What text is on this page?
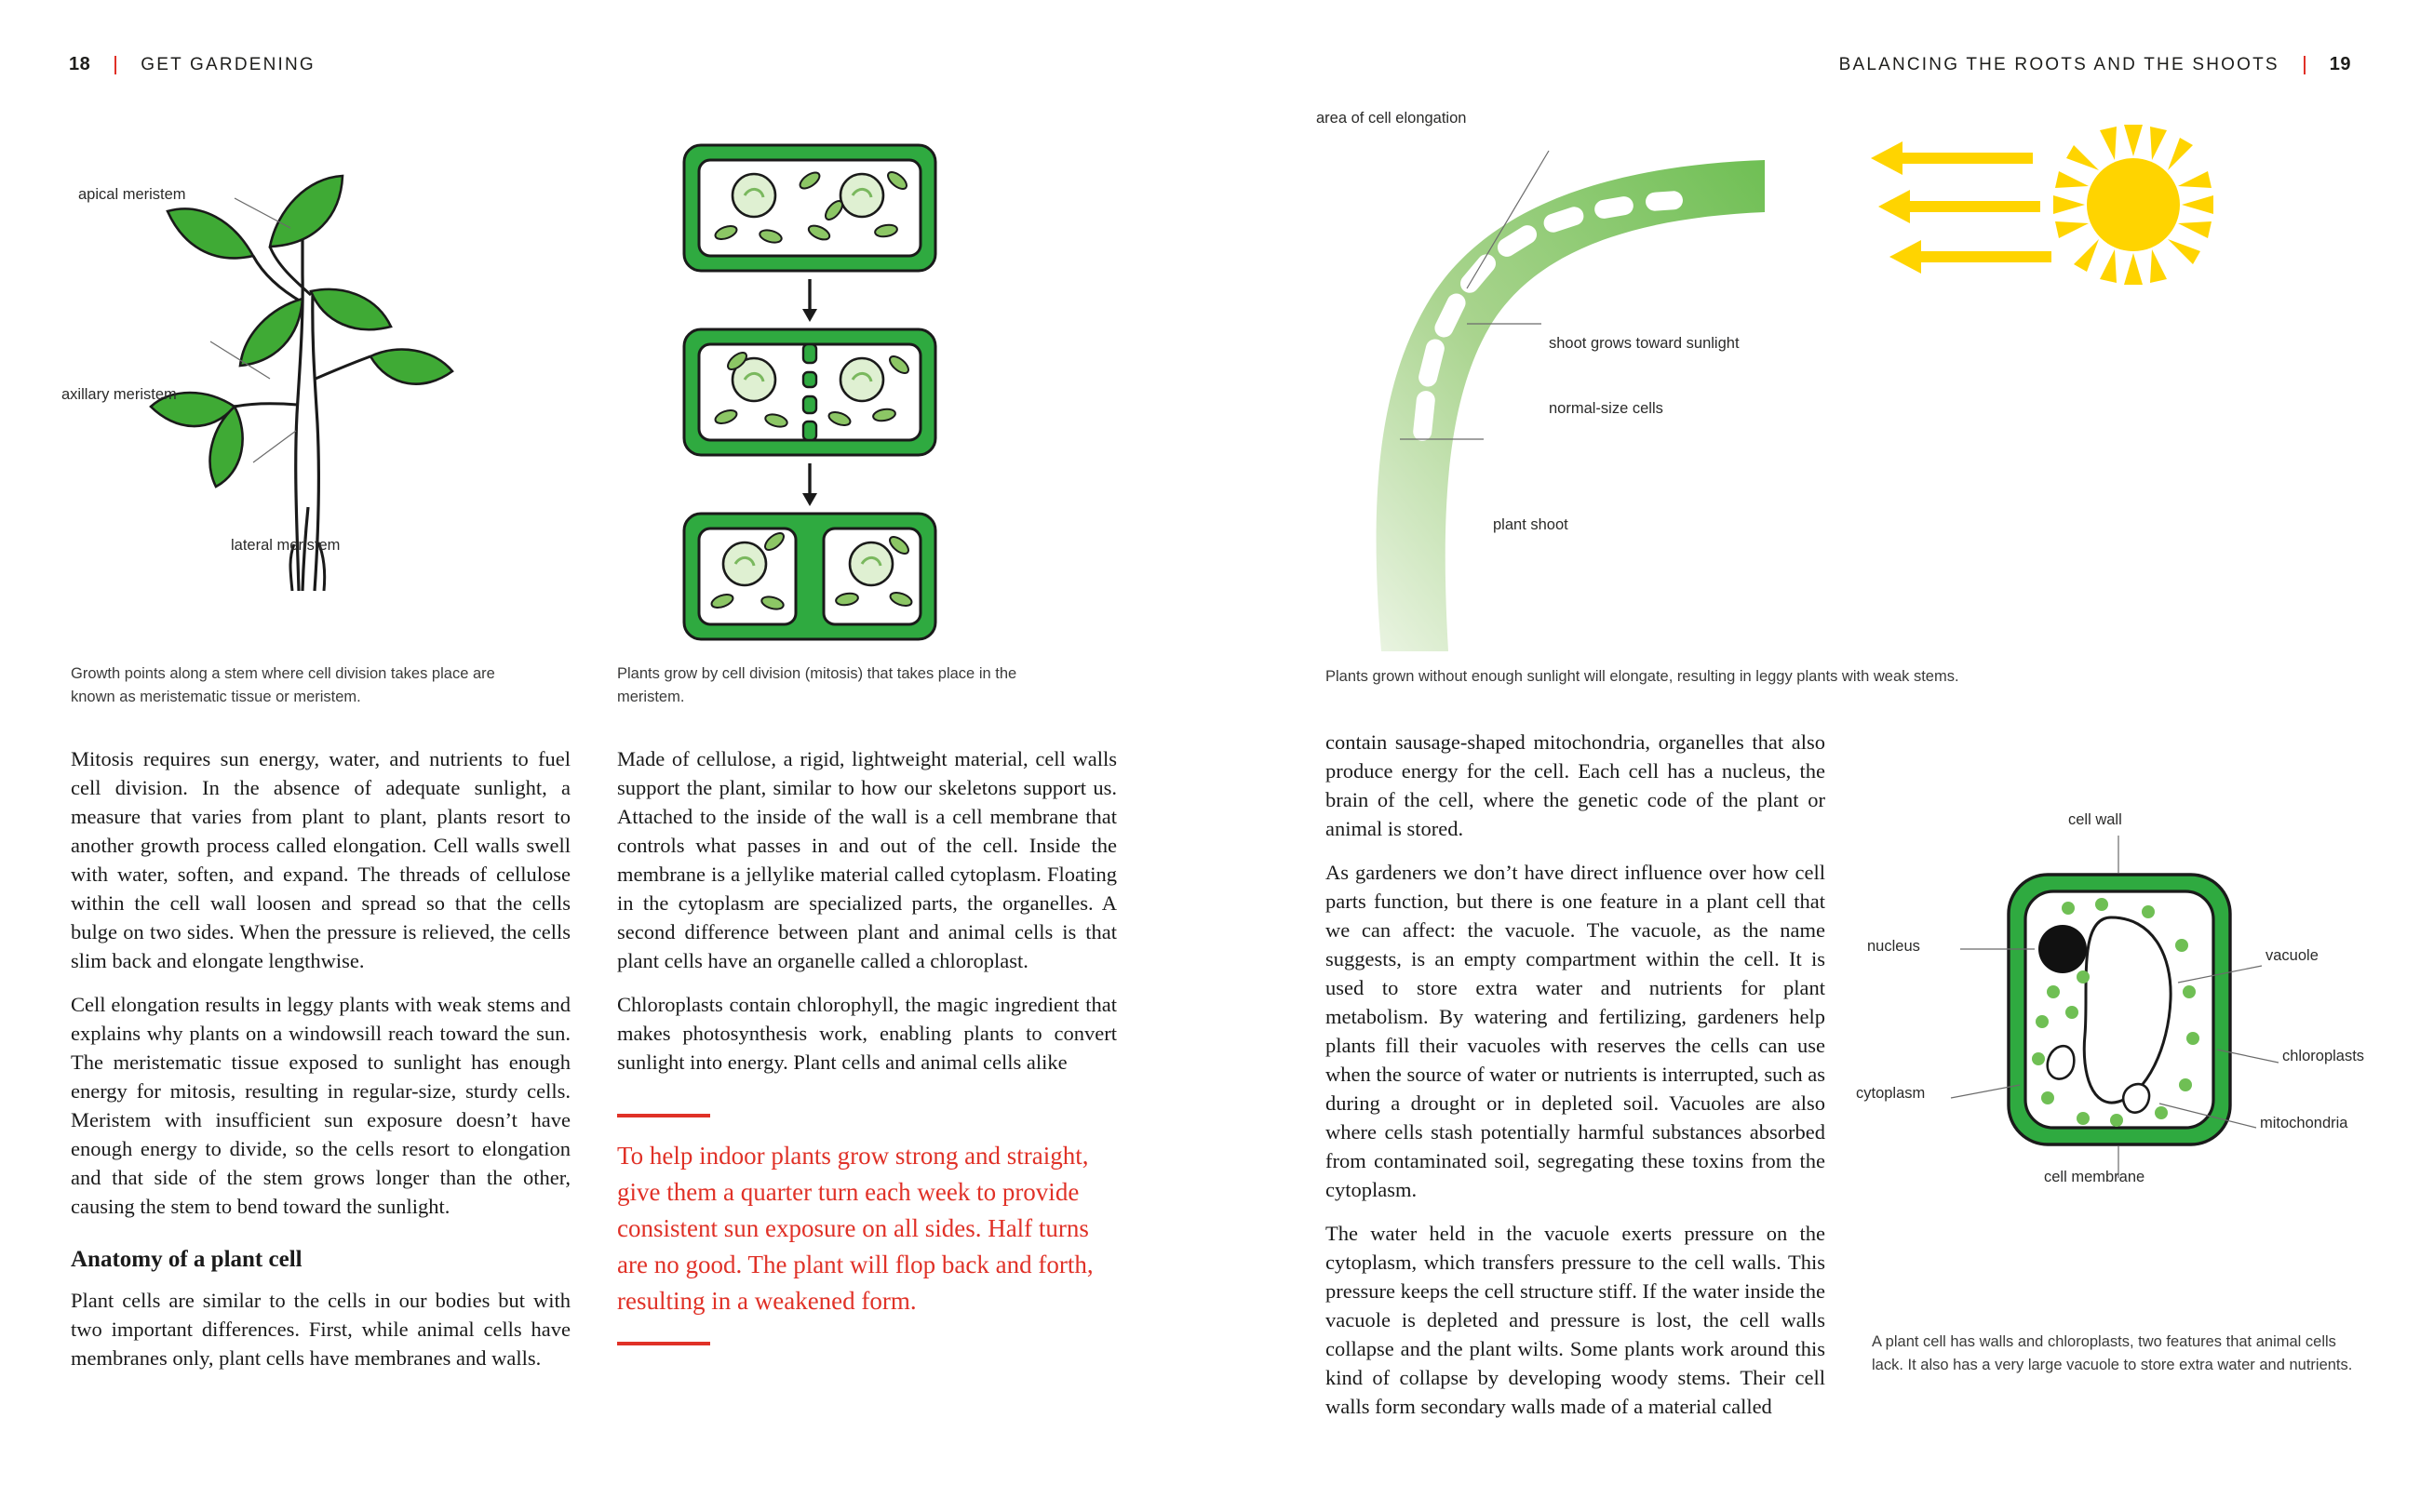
18	GET GARDENING	BALANCING THE ROOTS AND THE SHOOTS	19
apical meristem
axillary meristem
lateral meristem

Growth points along a stem where cell division takes place are known as meristematic tissue or meristem.

Plants grow by cell division (mitosis) that takes place in the meristem.

area of cell elongation
shoot grows toward sunlight
normal-size cells
plant shoot

Plants grown without enough sunlight will elongate, resulting in leggy plants with weak stems.

Mitosis requires sun energy, water, and nutrients to fuel cell division. In the absence of adequate sunlight, a measure that varies from plant to plant, plants resort to another growth process called elongation. Cell walls swell with water, soften, and expand. The threads of cellulose within the cell wall loosen and spread so that the cells bulge on two sides. When the pressure is relieved, the cells slim back and elongate lengthwise.

Cell elongation results in leggy plants with weak stems and explains why plants on a windowsill reach toward the sun. The meristematic tissue exposed to sunlight has enough energy for mitosis, resulting in regular-size, sturdy cells. Meristem with insufficient sun exposure doesn’t have enough energy to divide, so the cells resort to elongation and that side of the stem grows longer than the other, causing the stem to bend toward the sunlight.

Anatomy of a plant cell

Plant cells are similar to the cells in our bodies but with two important differences. First, while animal cells have membranes only, plant cells have membranes and walls.

Made of cellulose, a rigid, lightweight material, cell walls support the plant, similar to how our skeletons support us. Attached to the inside of the wall is a cell membrane that controls what passes in and out of the cell. Inside the membrane is a jellylike material called cytoplasm. Floating in the cytoplasm are specialized parts, the organelles. A second difference between plant and animal cells is that plant cells have an organelle called a chloroplast.

Chloroplasts contain chlorophyll, the magic ingredient that makes photosynthesis work, enabling plants to convert sunlight into energy. Plant cells and animal cells alike

To help indoor plants grow strong and straight, give them a quarter turn each week to provide consistent sun exposure on all sides. Half turns are no good. The plant will flop back and forth, resulting in a weakened form.

contain sausage-shaped mitochondria, organelles that also produce energy for the cell. Each cell has a nucleus, the brain of the cell, where the genetic code of the plant or animal is stored.

As gardeners we don’t have direct influence over how cell parts function, but there is one feature in a plant cell that we can affect: the vacuole. The vacuole, as the name suggests, is an empty compartment within the cell. It is used to store extra water and nutrients for plant metabolism. By watering and fertilizing, gardeners help plants fill their vacuoles with reserves the cells can use when the source of water or nutrients is interrupted, such as during a drought or in depleted soil. Vacuoles are also where cells stash potentially harmful substances absorbed from contaminated soil, segregating these toxins from the cytoplasm.

The water held in the vacuole exerts pressure on the cytoplasm, which transfers pressure to the cell walls. This pressure keeps the cell structure stiff. If the water inside the vacuole is depleted and pressure is lost, the cell walls collapse and the plant wilts. Some plants work around this kind of collapse by developing woody stems. Their cell walls form secondary walls made of a material called

cell wall
nucleus
vacuole
chloroplasts
cytoplasm
mitochondria
cell membrane

A plant cell has walls and chloroplasts, two features that animal cells lack. It also has a very large vacuole to store extra water and nutrients.
